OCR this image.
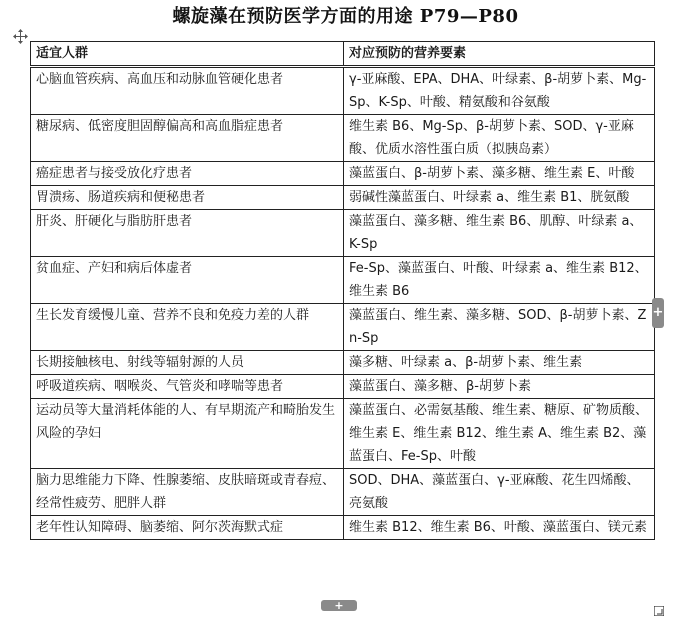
螺旋藻在预防医学方面的用途 P79—P80
适宜人群	对应预防的营养要素
心脑血管疾病、高血压和动脉血管硬化患者	γ-亚麻酸、EPA、DHA、叶绿素、β-胡萝卜素、Mg-Sp、K-Sp、叶酸、精氨酸和谷氨酸
糖尿病、低密度胆固醇偏高和高血脂症患者	维生素 B6、Mg-Sp、β-胡萝卜素、SOD、γ-亚麻酸、优质水溶性蛋白质（拟胰岛素）
癌症患者与接受放化疗患者	藻蓝蛋白、β-胡萝卜素、藻多糖、维生素 E、叶酸
胃溃疡、肠道疾病和便秘患者	弱碱性藻蓝蛋白、叶绿素 a、维生素 B1、胱氨酸
肝炎、肝硬化与脂肪肝患者	藻蓝蛋白、藻多糖、维生素 B6、肌醇、叶绿素 a、K-Sp
贫血症、产妇和病后体虚者	Fe-Sp、藻蓝蛋白、叶酸、叶绿素 a、维生素 B12、维生素 B6
生长发育缓慢儿童、营养不良和免疫力差的人群	藻蓝蛋白、维生素、藻多糖、SOD、β-胡萝卜素、Zn-Sp
长期接触核电、射线等辐射源的人员	藻多糖、叶绿素 a、β-胡萝卜素、维生素
呼吸道疾病、咽喉炎、气管炎和哮喘等患者	藻蓝蛋白、藻多糖、β-胡萝卜素
运动员等大量消耗体能的人、有早期流产和畸胎发生风险的孕妇	藻蓝蛋白、必需氨基酸、维生素、糖原、矿物质酸、维生素 E、维生素 B12、维生素 A、维生素 B2、藻蓝蛋白、Fe-Sp、叶酸
脑力思维能力下降、性腺萎缩、皮肤暗斑或青春痘、经常性疲劳、肥胖人群	SOD、DHA、藻蓝蛋白、γ-亚麻酸、花生四烯酸、亮氨酸
老年性认知障碍、脑萎缩、阿尔茨海默式症	维生素 B12、维生素 B6、叶酸、藻蓝蛋白、镁元素
+
+
